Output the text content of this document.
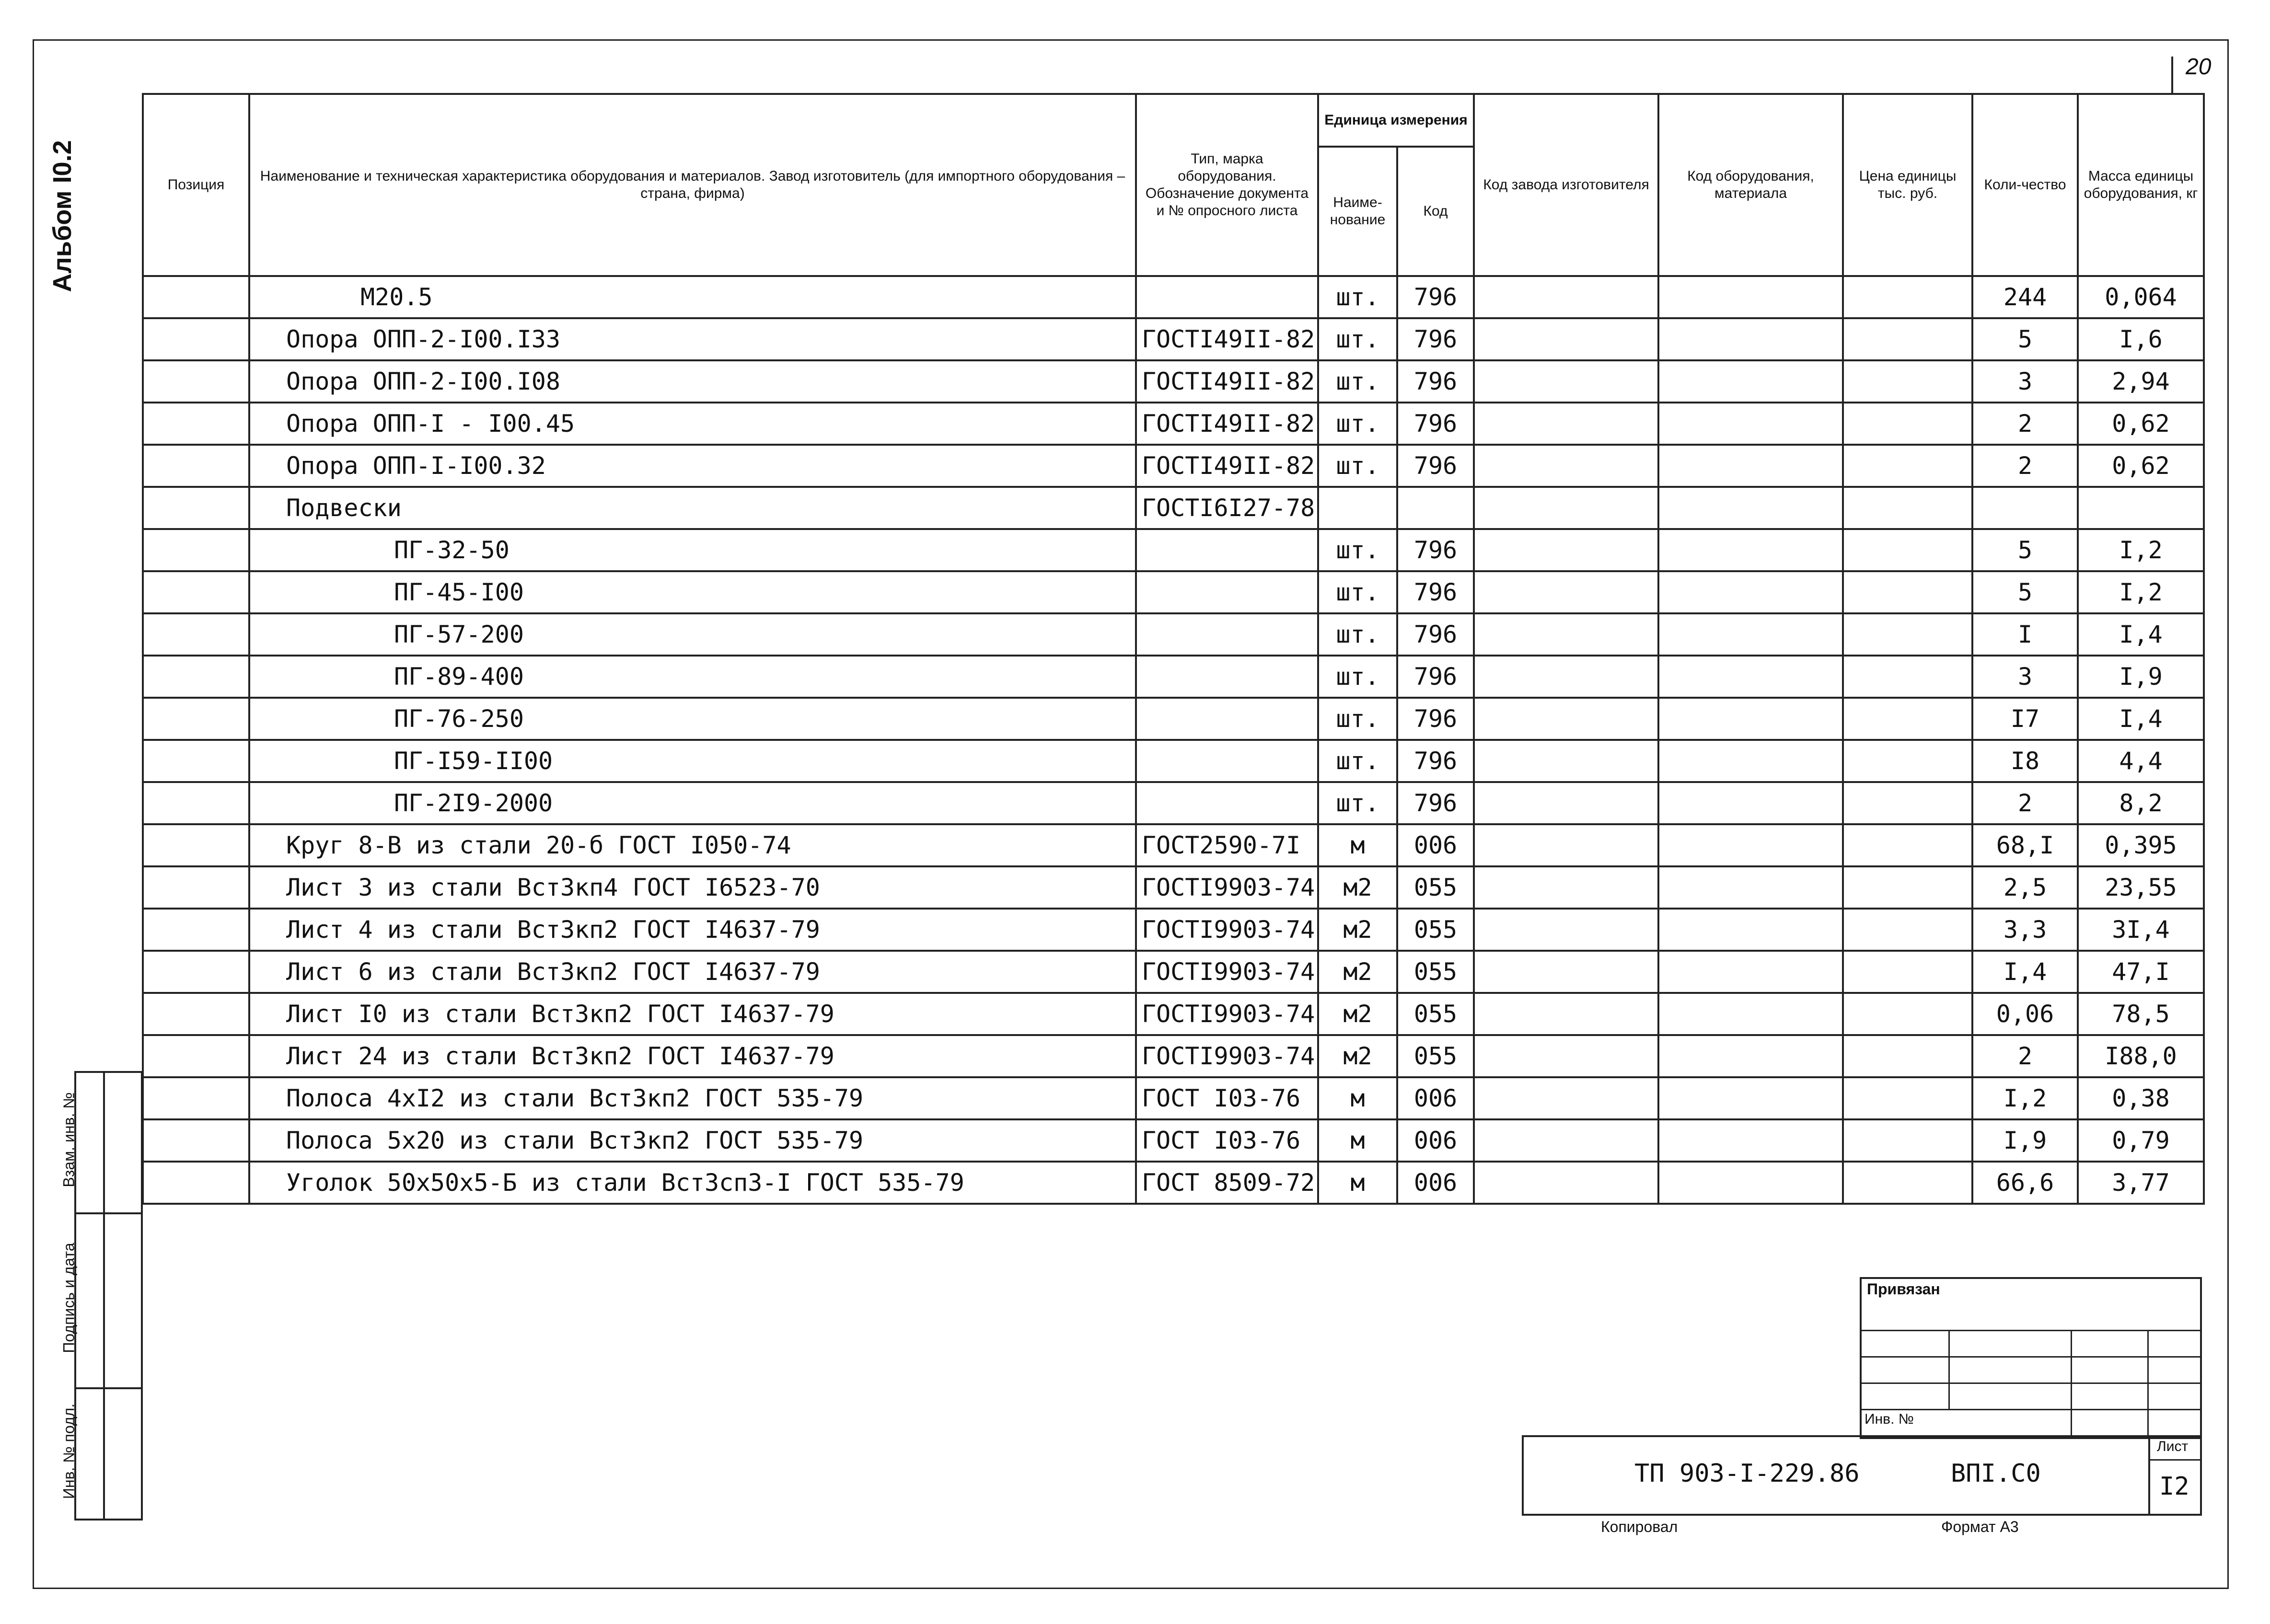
20
Альбом I0.2
Взам. инв. №
Подпись и дата
Инв. № подл.
Позиция	Наименование и техническая характеристика оборудования и материалов. Завод изготовитель (для импортного оборудования – страна, фирма)	Тип, марка оборудования. Обозначение документа и № опросного листа	Единица измерения		Код завода изготовителя	Код оборудования, материала	Цена единицы тыс. руб.	Коли-чество	Масса единицы оборудования, кг
			Наиме-нование	Код					
	M20.5		шт.	796				244	0,064
	Опора ОПП-2-I00.I33	ГОСТI49II-82	шт.	796				5	I,6
	Опора ОПП-2-I00.I08	ГОСТI49II-82	шт.	796				3	2,94
	Опора ОПП-I - I00.45	ГОСТI49II-82	шт.	796				2	0,62
	Опора ОПП-I-I00.32	ГОСТI49II-82	шт.	796				2	0,62
	Подвески	ГОСТI6I27-78							
	ПГ-32-50		шт.	796				5	I,2
	ПГ-45-I00		шт.	796				5	I,2
	ПГ-57-200		шт.	796				I	I,4
	ПГ-89-400		шт.	796				3	I,9
	ПГ-76-250		шт.	796				I7	I,4
	ПГ-I59-II00		шт.	796				I8	4,4
	ПГ-2I9-2000		шт.	796				2	8,2
	Круг 8-В из стали 20-б ГОСТ I050-74	ГОСТ2590-7I	м	006				68,I	0,395
	Лист 3 из стали ВстЗкп4 ГОСТ I6523-70	ГОСТI9903-74	м2	055				2,5	23,55
	Лист 4 из стали ВстЗкп2 ГОСТ I4637-79	ГОСТI9903-74	м2	055				3,3	3I,4
	Лист 6 из стали ВстЗкп2 ГОСТ I4637-79	ГОСТI9903-74	м2	055				I,4	47,I
	Лист I0 из стали ВстЗкп2 ГОСТ I4637-79	ГОСТI9903-74	м2	055				0,06	78,5
	Лист 24 из стали ВстЗкп2 ГОСТ I4637-79	ГОСТI9903-74	м2	055				2	I88,0
	Полоса 4хI2 из стали ВстЗкп2 ГОСТ 535-79	ГОСТ I03-76	м	006				I,2	0,38
	Полоса 5х20 из стали ВстЗкп2 ГОСТ 535-79	ГОСТ I03-76	м	006				I,9	0,79
	Уголок 50х50х5-Б из стали ВстЗсп3-I ГОСТ 535-79	ГОСТ 8509-72	м	006				66,6	3,77
Привязан
Инв. №
ТП 903-I-229.86	ВПI.С0
Лист
I2
Копировал	Формат А3
